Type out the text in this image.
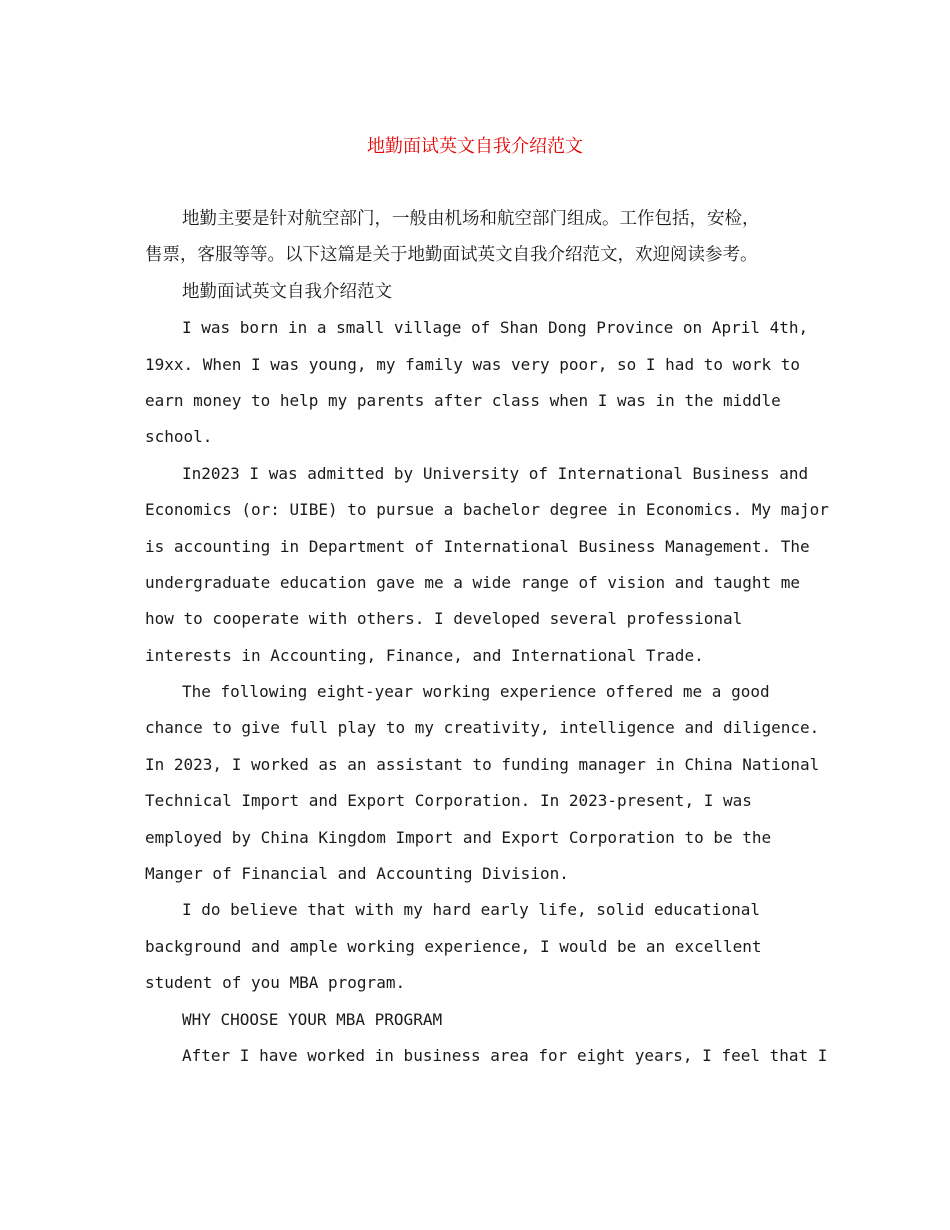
地勤面试英文自我介绍范文
地勤主要是针对航空部门，一般由机场和航空部门组成。工作包括，安检，
售票，客服等等。以下这篇是关于地勤面试英文自我介绍范文，欢迎阅读参考。
地勤面试英文自我介绍范文
I was born in a small village of Shan Dong Province on April 4th,
19xx. When I was young, my family was very poor, so I had to work to
earn money to help my parents after class when I was in the middle
school.
In2023 I was admitted by University of International Business and
Economics (or: UIBE) to pursue a bachelor degree in Economics. My major
is accounting in Department of International Business Management. The
undergraduate education gave me a wide range of vision and taught me
how to cooperate with others. I developed several professional
interests in Accounting, Finance, and International Trade.
The following eight-year working experience offered me a good
chance to give full play to my creativity, intelligence and diligence.
In 2023, I worked as an assistant to funding manager in China National
Technical Import and Export Corporation. In 2023-present, I was
employed by China Kingdom Import and Export Corporation to be the
Manger of Financial and Accounting Division.
I do believe that with my hard early life, solid educational
background and ample working experience, I would be an excellent
student of you MBA program.
WHY CHOOSE YOUR MBA PROGRAM
After I have worked in business area for eight years, I feel that I
